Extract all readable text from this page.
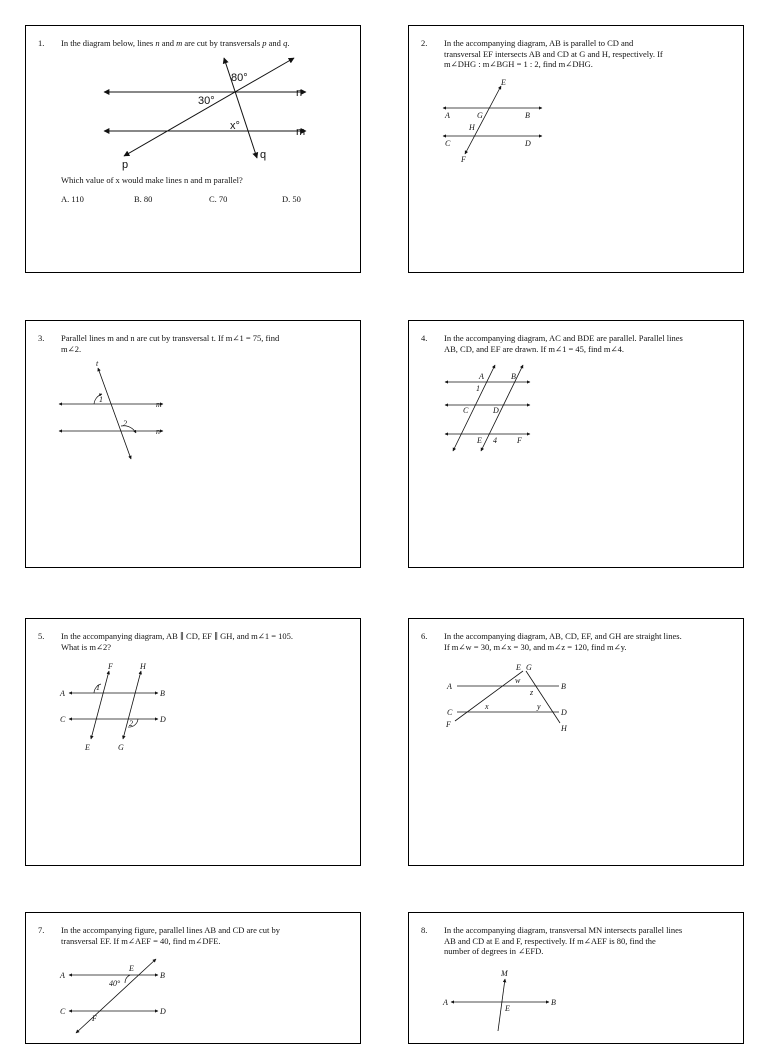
1. In the diagram below, lines n and m are cut by transversals p and q.
80°
30°
x°
n
m
p
q
Which value of x would make lines n and m parallel?
A. 110	B. 80	C. 70	D. 50
2. In the accompanying diagram, AB is parallel to CD and
transversal EF intersects AB and CD at G and H, respectively. If
m∠DHG : m∠BGH = 1 : 2, find m∠DHG.
E
A	G	B
H
C	D
F
3. Parallel lines m and n are cut by transversal t. If m∠1 = 75, find
m∠2.
t
m
n
1
2
4. In the accompanying diagram, AC and BDE are parallel. Parallel lines
AB, CD, and EF are drawn. If m∠1 = 45, find m∠4.
A	B
1
C	D
E 4	F
5. In the accompanying diagram, AB ∥ CD, EF ∥ GH, and m∠1 = 105.
What is m∠2?
F	H
A
1
B
C	2	D
E	G
6. In the accompanying diagram, AB, CD, EF, and GH are straight lines.
If m∠w = 30, m∠x = 30, and m∠z = 120, find m∠y.
E G
A
w
B
z
C
x	y
D
F	H
7. In the accompanying figure, parallel lines AB and CD are cut by
transversal EF. If m∠AEF = 40, find m∠DFE.
A
E
B
40°
C	D
F
8. In the accompanying diagram, transversal MN intersects parallel lines
AB and CD at E and F, respectively. If m∠AEF is 80, find the
number of degrees in ∠EFD.
M
A
E
B
